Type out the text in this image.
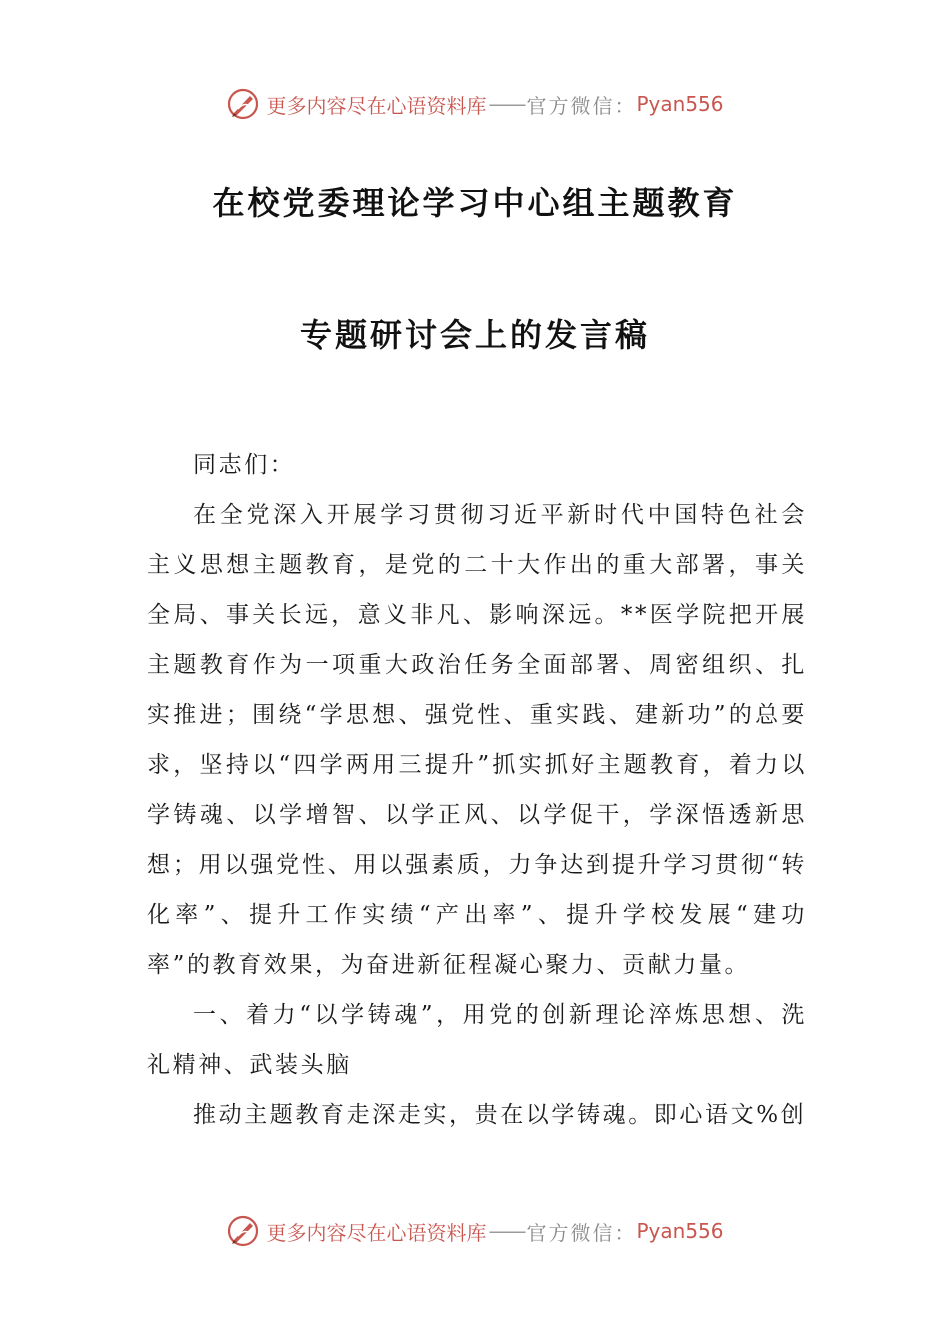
更多内容尽在心语资料库 —— 官方微信： Pyan556
在校党委理论学习中心组主题教育
专题研讨会上的发言稿

同志们：

在全党深入开展学习贯彻习近平新时代中国特色社会主义思想主题教育，是党的二十大作出的重大部署，事关全局、事关长远，意义非凡、影响深远。**医学院把开展主题教育作为一项重大政治任务全面部署、周密组织、扎实推进；围绕“学思想、强党性、重实践、建新功”的总要求，坚持以“四学两用三提升”抓实抓好主题教育，着力以学铸魂、以学增智、以学正风、以学促干，学深悟透新思想；用以强党性、用以强素质，力争达到提升学习贯彻“转化率”、提升工作实绩“产出率”、提升学校发展“建功率”的教育效果，为奋进新征程凝心聚力、贡献力量。

一、着力“以学铸魂”，用党的创新理论淬炼思想、洗礼精神、武装头脑

推动主题教育走深走实，贵在以学铸魂。即心语文%创

更多内容尽在心语资料库 —— 官方微信： Pyan556
